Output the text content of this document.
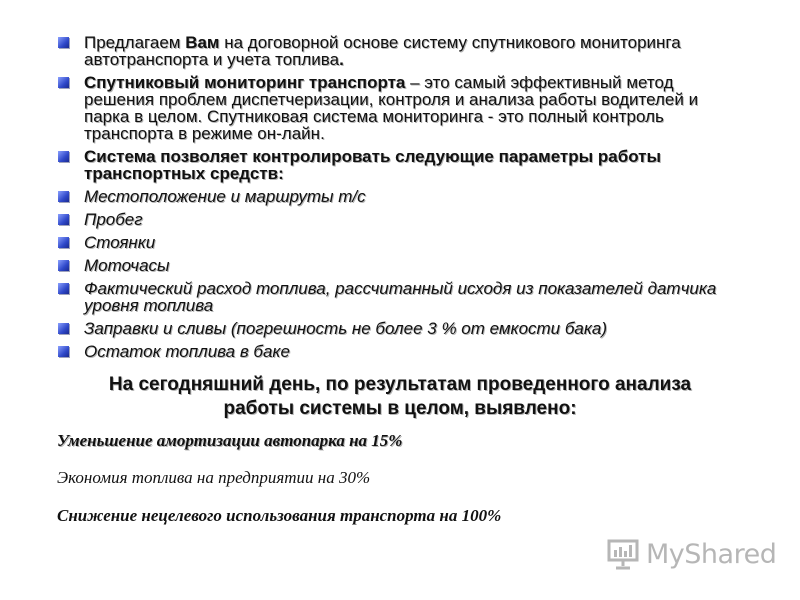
Предлагаем Вам на договорной основе систему спутникового мониторинга автотранспорта и учета топлива.
Спутниковый мониторинг транспорта – это самый эффективный метод решения проблем диспетчеризации, контроля и анализа работы водителей и парка в целом. Спутниковая система мониторинга - это полный контроль транспорта в режиме он-лайн.
Система позволяет контролировать следующие параметры работы транспортных средств:
Местоположение и маршруты т/с
Пробег
Стоянки
Моточасы
Фактический расход топлива, рассчитанный исходя из показателей датчика уровня топлива
Заправки и сливы (погрешность не более 3 % от емкости бака)
Остаток топлива в баке
На сегодняшний день, по результатам проведенного анализа
работы системы в целом, выявлено:
Уменьшение амортизации автопарка на 15%
Экономия топлива на предприятии на 30%
Снижение нецелевого использования транспорта на 100%
MyShared
